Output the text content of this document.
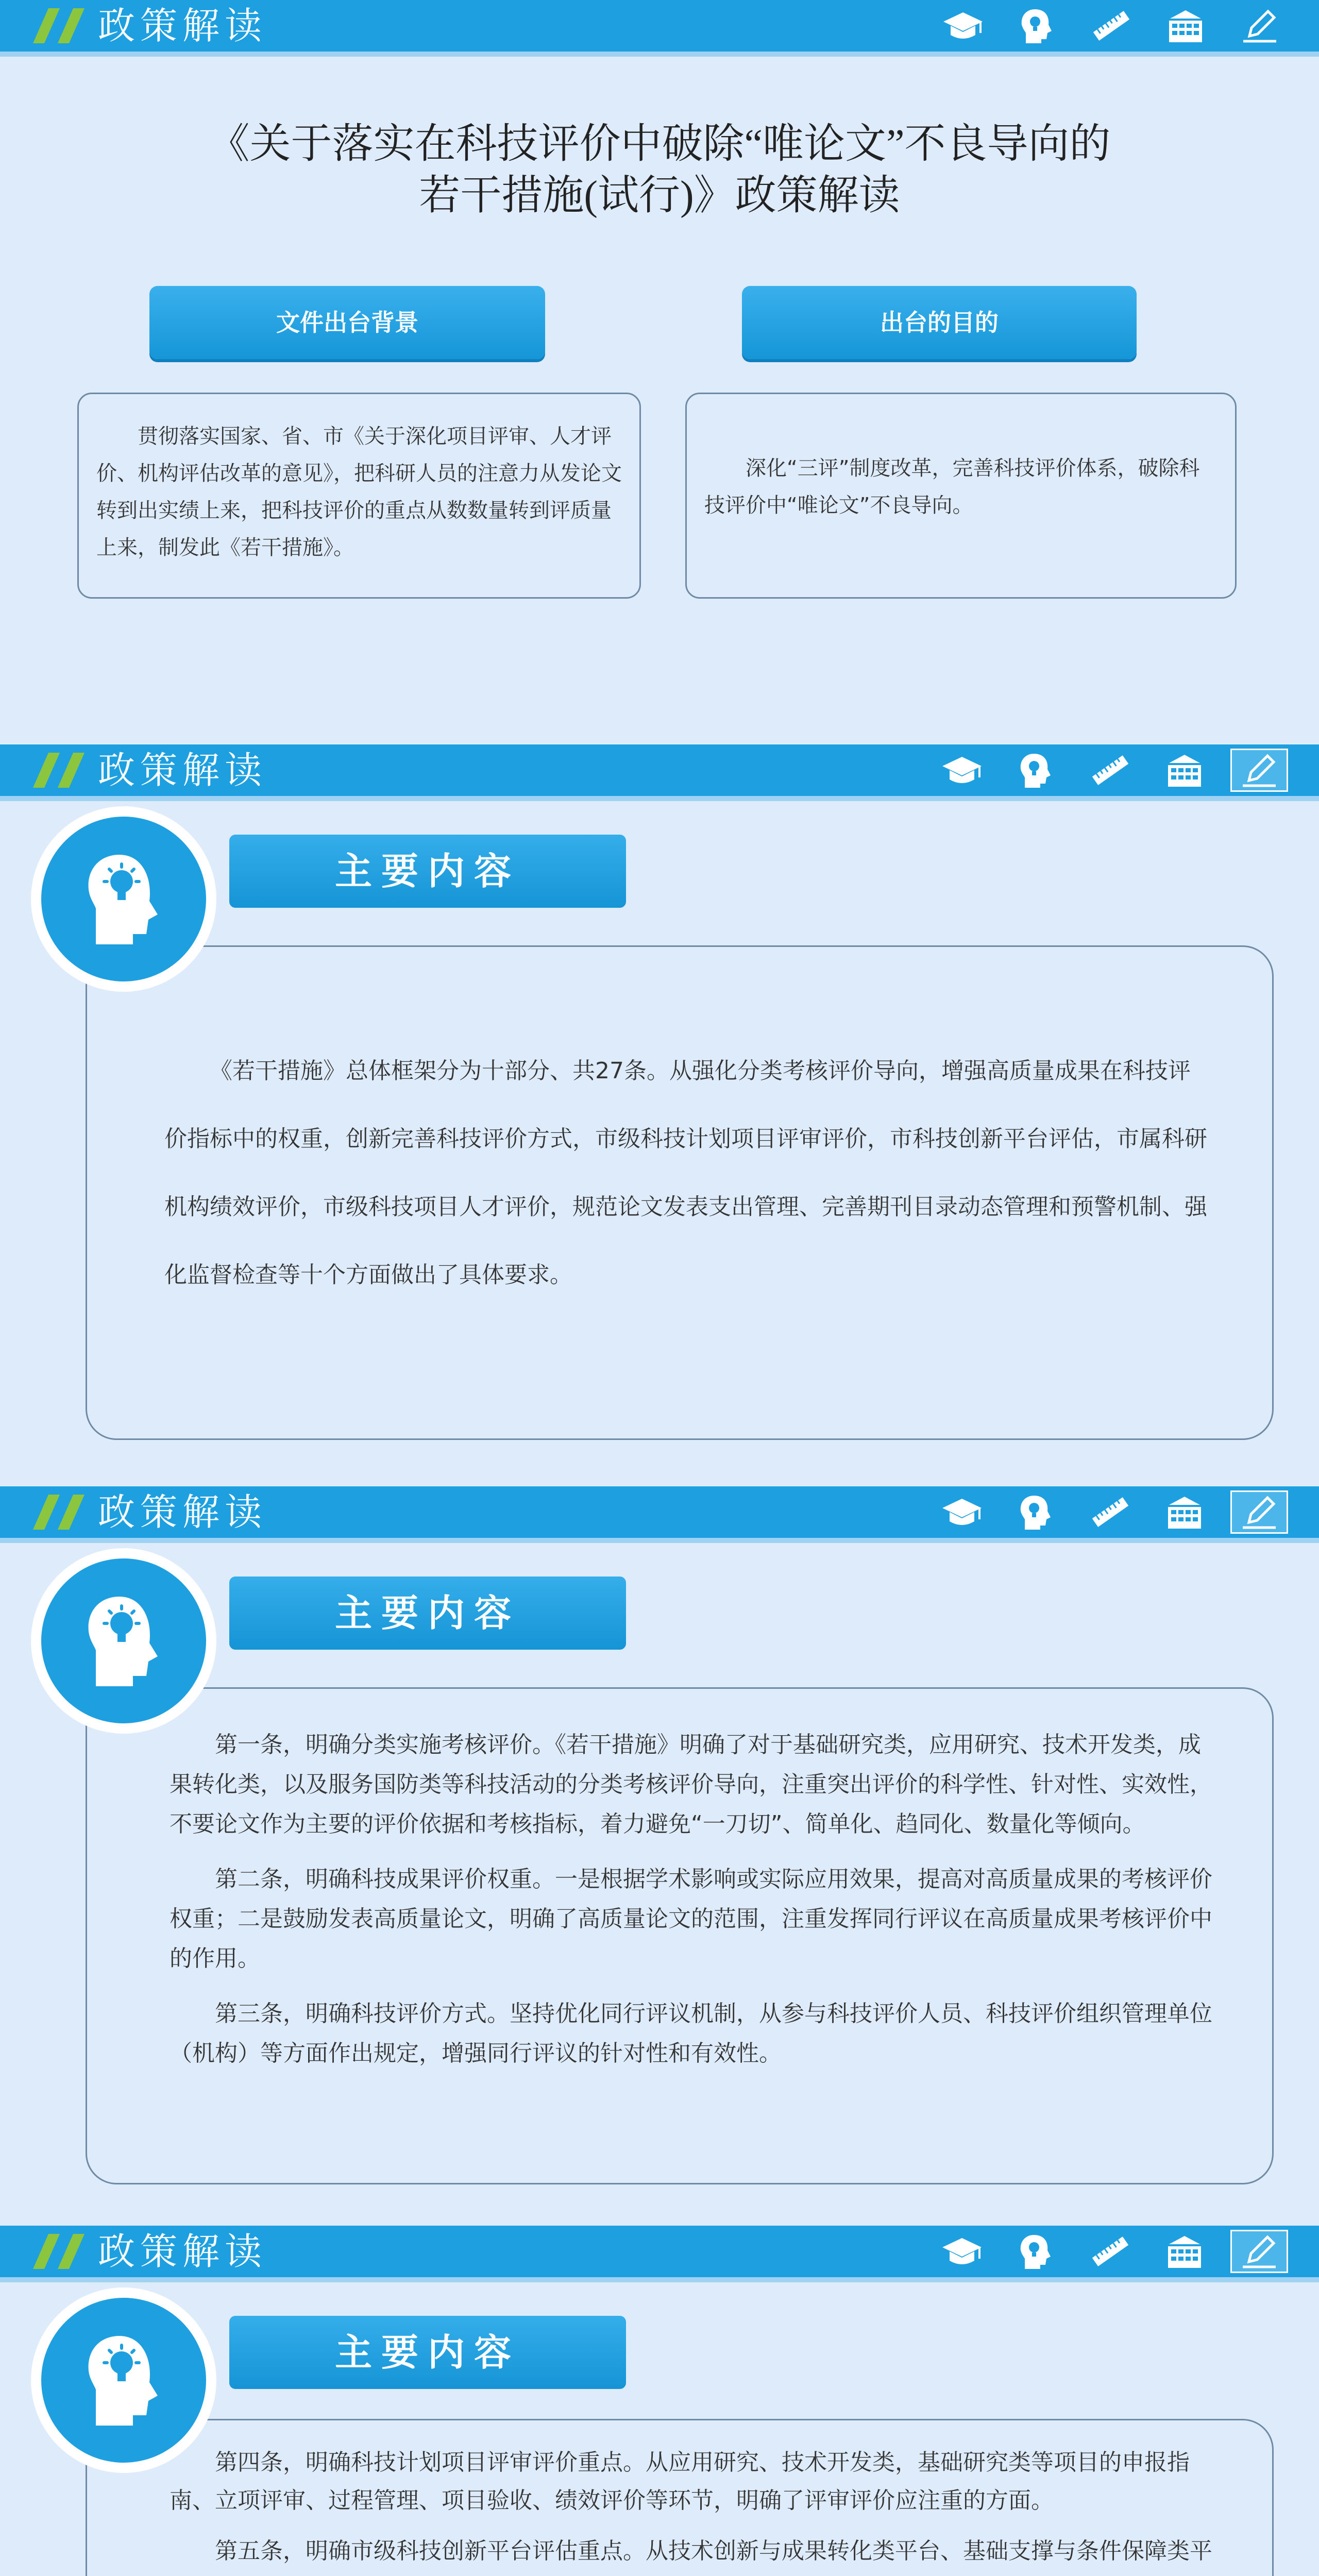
政策解读
《关于落实在科技评价中破除“唯论文”不良导向的
若干措施(试行)》政策解读
文件出台背景	出台的目的

贯彻落实国家、省、市《关于深化项目评审、人才评价、机构评估改革的意见》，把科研人员的注意力从发论文转到出实绩上来，把科技评价的重点从数数量转到评质量上来，制发此《若干措施》。

深化“三评”制度改革，完善科技评价体系，破除科技评价中“唯论文”不良导向。

政策解读

《若干措施》总体框架分为十部分、共27条。从强化分类考核评价导向，增强高质量成果在科技评价指标中的权重，创新完善科技评价方式，市级科技计划项目评审评价，市科技创新平台评估，市属科研机构绩效评价，市级科技项目人才评价，规范论文发表支出管理、完善期刊目录动态管理和预警机制、强化监督检查等十个方面做出了具体要求。

主要内容
政策解读

第一条，明确分类实施考核评价。《若干措施》明确了对于基础研究类，应用研究、技术开发类，成果转化类，以及服务国防类等科技活动的分类考核评价导向，注重突出评价的科学性、针对性、实效性，不要论文作为主要的评价依据和考核指标，着力避免“一刀切”、简单化、趋同化、数量化等倾向。

第二条，明确科技成果评价权重。一是根据学术影响或实际应用效果，提高对高质量成果的考核评价权重；二是鼓励发表高质量论文，明确了高质量论文的范围，注重发挥同行评议在高质量成果考核评价中的作用。

第三条，明确科技评价方式。坚持优化同行评议机制，从参与科技评价人员、科技评价组织管理单位（机构）等方面作出规定，增强同行评议的针对性和有效性。

主要内容
政策解读

第四条，明确科技计划项目评审评价重点。从应用研究、技术开发类，基础研究类等项目的申报指南、立项评审、过程管理、项目验收、绩效评价等环节，明确了评审评价应注重的方面。

第五条，明确市级科技创新平台评估重点。从技术创新与成果转化类平台、基础支撑与条件保障类平

主要内容
